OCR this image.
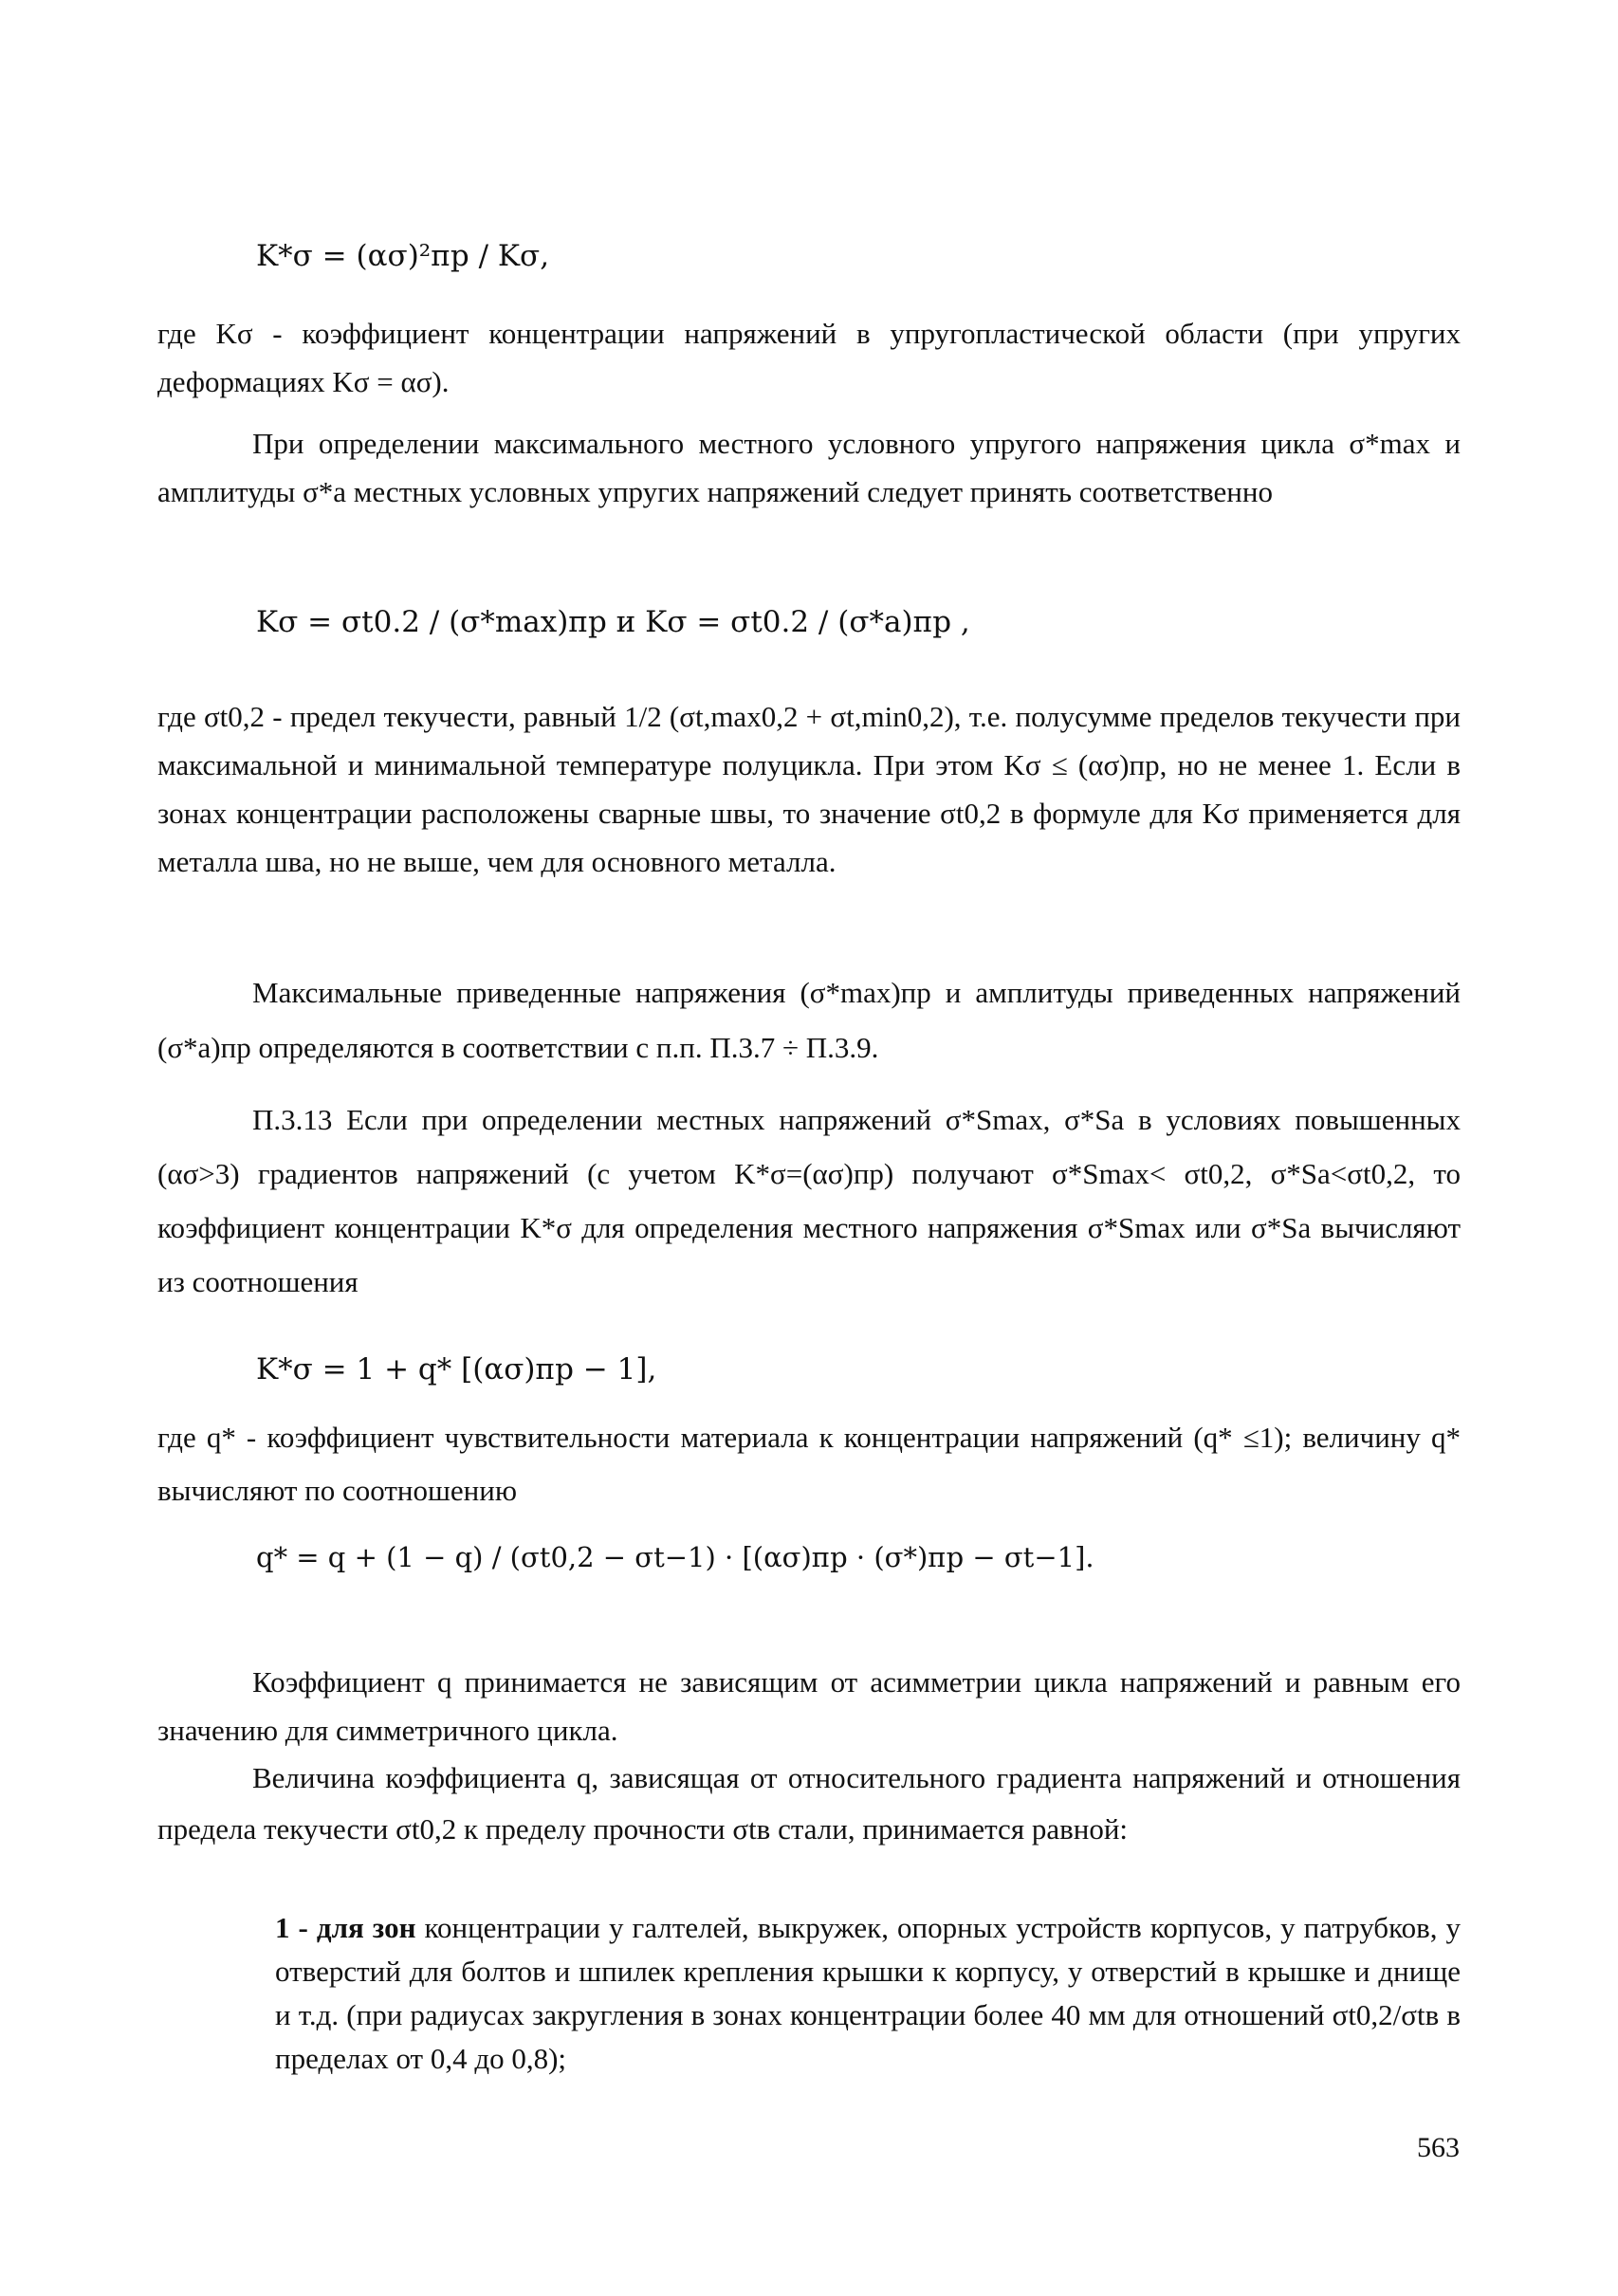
K*σ = (ασ)²пр / Kσ,
где Kσ - коэффициент концентрации напряжений в упругопластической области (при упругих деформациях Kσ = ασ).
При определении максимального местного условного упругого напряжения цикла σ*max и амплитуды σ*a местных условных упругих напряжений следует принять соответственно
Kσ = σt0.2 / (σ*max)пр и Kσ = σt0.2 / (σ*a)пр ,
где σt0,2 - предел текучести, равный 1/2 (σt,max0,2 + σt,min0,2), т.е. полусумме пределов текучести при максимальной и минимальной температуре полуцикла. При этом Kσ ≤ (ασ)пр, но не менее 1. Если в зонах концентрации расположены сварные швы, то значение σt0,2 в формуле для Kσ применяется для металла шва, но не выше, чем для основного металла.
Максимальные приведенные напряжения (σ*max)пр и амплитуды приведенных напряжений (σ*a)пр определяются в соответствии с п.п. П.3.7 ÷ П.3.9.
П.3.13 Если при определении местных напряжений σ*Smax, σ*Sa в условиях повышенных (ασ>3) градиентов напряжений (с учетом K*σ=(ασ)пр) получают σ*Smax< σt0,2, σ*Sa<σt0,2, то коэффициент концентрации K*σ для определения местного напряжения σ*Smax или σ*Sa вычисляют из соотношения
K*σ = 1 + q* [(ασ)пр − 1],
где q* - коэффициент чувствительности материала к концентрации напряжений (q* ≤1); величину q* вычисляют по соотношению
q* = q + (1 − q) / (σt0,2 − σt−1) · [(ασ)пр · (σ*)пр − σt−1].
Коэффициент q принимается не зависящим от асимметрии цикла напряжений и равным его значению для симметричного цикла.
Величина коэффициента q, зависящая от относительного градиента напряжений и отношения предела текучести σt0,2 к пределу прочности σtв стали, принимается равной:
1 - для зон концентрации у галтелей, выкружек, опорных устройств корпусов, у патрубков, у отверстий для болтов и шпилек крепления крышки к корпусу, у отверстий в крышке и днище и т.д. (при радиусах закругления в зонах концентрации более 40 мм для отношений σt0,2/σtв в пределах от 0,4 до 0,8);
563
